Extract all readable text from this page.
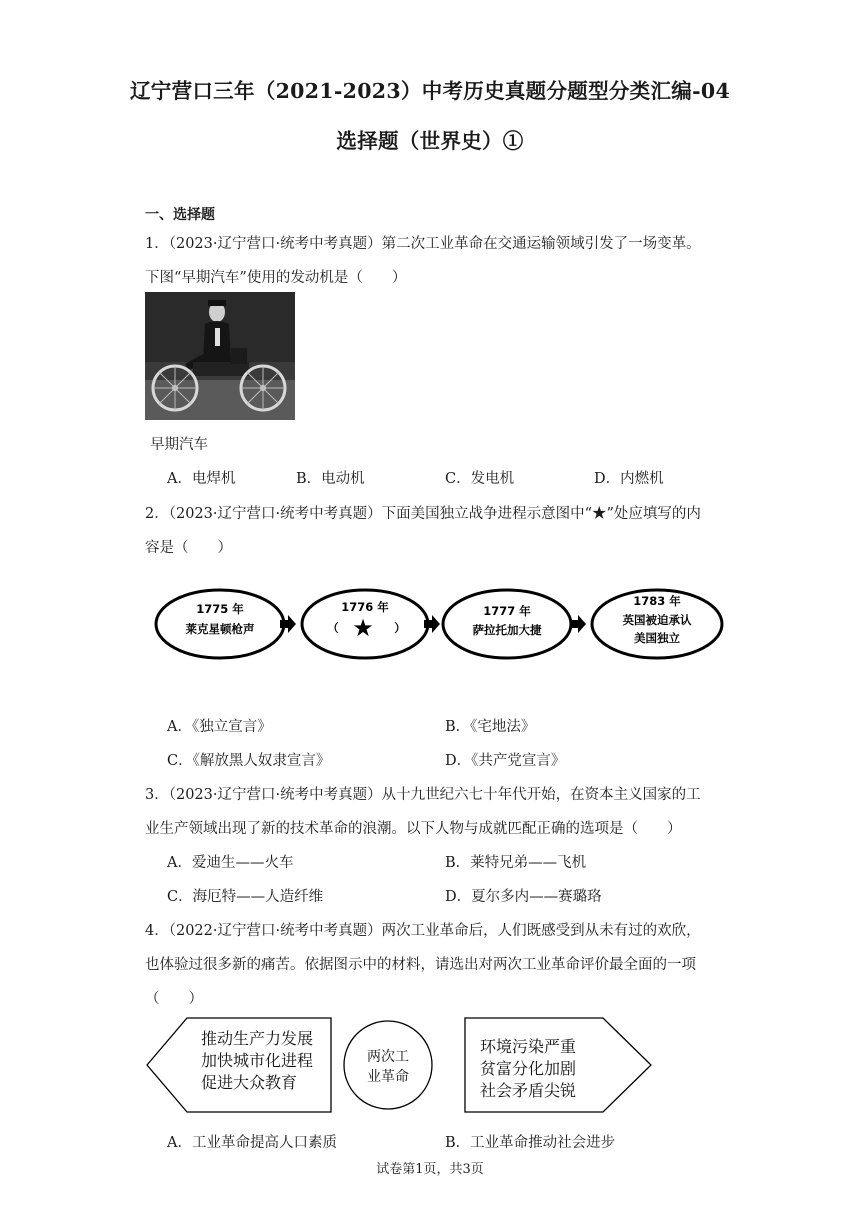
辽宁营口三年（2021-2023）中考历史真题分题型分类汇编-04
选择题（世界史）①
一、选择题
1．（2023·辽宁营口·统考中考真题）第二次工业革命在交通运输领域引发了一场变革。
下图“早期汽车”使用的发动机是（　　）
早期汽车
A．电焊机	B．电动机	C．发电机	D．内燃机
2．（2023·辽宁营口·统考中考真题）下面美国独立战争进程示意图中“★”处应填写的内
容是（　　）
1775 年
莱克星顿枪声
1776 年
（ ★ ）
1777 年
萨拉托加大捷
1783 年
英国被迫承认
美国独立
A．《独立宣言》	B．《宅地法》
C．《解放黑人奴隶宣言》	D．《共产党宣言》
3．（2023·辽宁营口·统考中考真题）从十九世纪六七十年代开始，在资本主义国家的工
业生产领域出现了新的技术革命的浪潮。以下人物与成就匹配正确的选项是（　　）
A．爱迪生——火车	B．莱特兄弟——飞机
C．海厄特——人造纤维	D．夏尔多内——赛璐珞
4．（2022·辽宁营口·统考中考真题）两次工业革命后，人们既感受到从未有过的欢欣，
也体验过很多新的痛苦。依据图示中的材料，请选出对两次工业革命评价最全面的一项
（　　）
推动生产力发展
加快城市化进程
促进大众教育
环境污染严重
贫富分化加剧
社会矛盾尖锐
两次工
业革命
A．工业革命提高人口素质	B．工业革命推动社会进步
试卷第1页，共3页
